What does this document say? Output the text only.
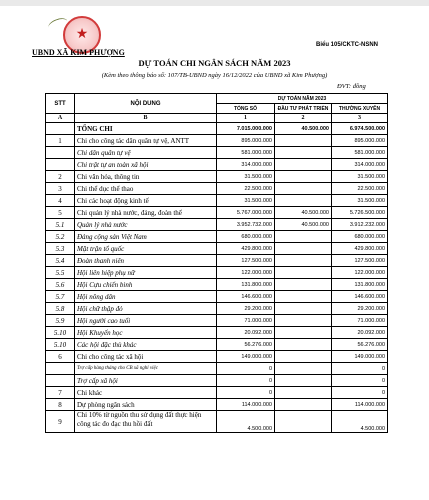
★
UBND XÃ KIM PHƯỢNG
Biểu 105/CKTC-NSNN
DỰ TOÁN CHI NGÂN SÁCH NĂM 2023
(Kèm theo thông báo số: 107/TB-UBND ngày 16/12/2022 của UBND xã Kim Phượng)
ĐVT: đồng
STT	NỘI DUNG	DỰ TOÁN NĂM 2023		
		TỔNG SỐ	ĐẦU TƯ PHÁT TRIỂN	THƯỜNG XUYÊN
A	B	1	2	3
	TỔNG CHI	7.015.000.000	40.500.000	6.974.500.000
1	Chi cho công tác dân quân tự vệ, ANTT	895.000.000		895.000.000
	Chi dân quân tự vệ	581.000.000		581.000.000
	Chi trật tự an toàn xã hội	314.000.000		314.000.000
2	Chi văn hóa, thông tin	31.500.000		31.500.000
3	Chi thể dục thể thao	22.500.000		22.500.000
4	Chi các hoạt động kinh tế	31.500.000		31.500.000
5	Chi quản lý nhà nước, đảng, đoàn thể	5.767.000.000	40.500.000	5.726.500.000
5.1	Quản lý nhà nước	3.952.732.000	40.500.000	3.912.232.000
5.2	Đảng cộng sản Việt Nam	680.000.000		680.000.000
5.3	Mặt trận tổ quốc	429.800.000		429.800.000
5.4	Đoàn thanh niên	127.500.000		127.500.000
5.5	Hội liên hiệp phụ nữ	122.000.000		122.000.000
5.6	Hội Cựu chiến binh	131.800.000		131.800.000
5.7	Hội nông dân	146.600.000		146.600.000
5.8	Hội chữ thập đỏ	29.200.000		29.200.000
5.9	Hội người cao tuổi	71.000.000		71.000.000
5.10	Hội Khuyến học	20.092.000		20.092.000
5.10	Các hội đặc thù khác	56.276.000		56.276.000
6	Chi cho công tác xã hội	149.000.000		149.000.000
	Trợ cấp hàng tháng cho CB xã nghỉ việc	0		0
	Trợ cấp xã hội	0		0
7	Chi khác	0		0
8	Dự phòng ngân sách	114.000.000		114.000.000
9	Chi 10% từ nguồn thu sử dụng đất thực hiện công tác đo đạc thu hồi đất	4.500.000		4.500.000
